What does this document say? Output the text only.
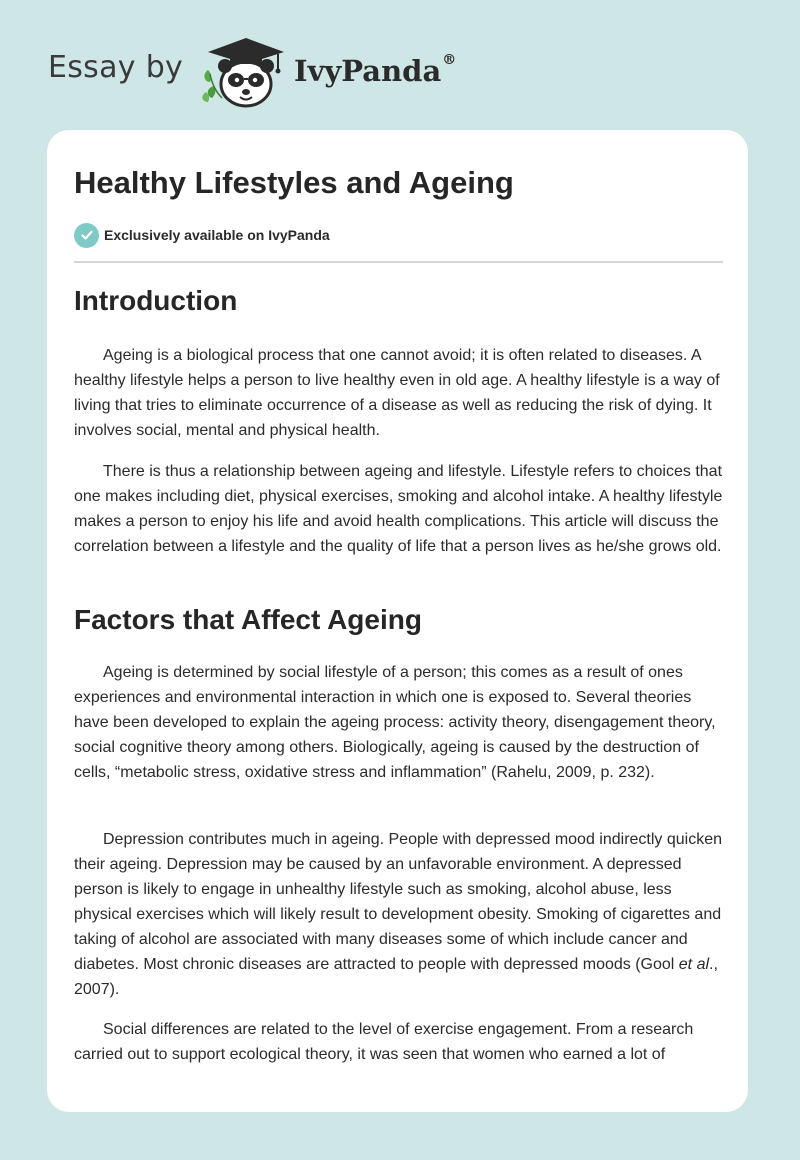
Essay by	IvyPanda®
Healthy Lifestyles and Ageing
Exclusively available on IvyPanda
Introduction

Ageing is a biological process that one cannot avoid; it is often related to diseases. A healthy lifestyle helps a person to live healthy even in old age. A healthy lifestyle is a way of living that tries to eliminate occurrence of a disease as well as reducing the risk of dying. It involves social, mental and physical health.

There is thus a relationship between ageing and lifestyle. Lifestyle refers to choices that one makes including diet, physical exercises, smoking and alcohol intake. A healthy lifestyle makes a person to enjoy his life and avoid health complications. This article will discuss the correlation between a lifestyle and the quality of life that a person lives as he/she grows old.

Factors that Affect Ageing

Ageing is determined by social lifestyle of a person; this comes as a result of ones experiences and environmental interaction in which one is exposed to. Several theories have been developed to explain the ageing process: activity theory, disengagement theory, social cognitive theory among others. Biologically, ageing is caused by the destruction of cells, “metabolic stress, oxidative stress and inflammation” (Rahelu, 2009, p. 232).

Depression contributes much in ageing. People with depressed mood indirectly quicken their ageing. Depression may be caused by an unfavorable environment. A depressed person is likely to engage in unhealthy lifestyle such as smoking, alcohol abuse, less physical exercises which will likely result to development obesity. Smoking of cigarettes and taking of alcohol are associated with many diseases some of which include cancer and diabetes. Most chronic diseases are attracted to people with depressed moods (Gool et al., 2007).

Social differences are related to the level of exercise engagement. From a research carried out to support ecological theory, it was seen that women who earned a lot of
